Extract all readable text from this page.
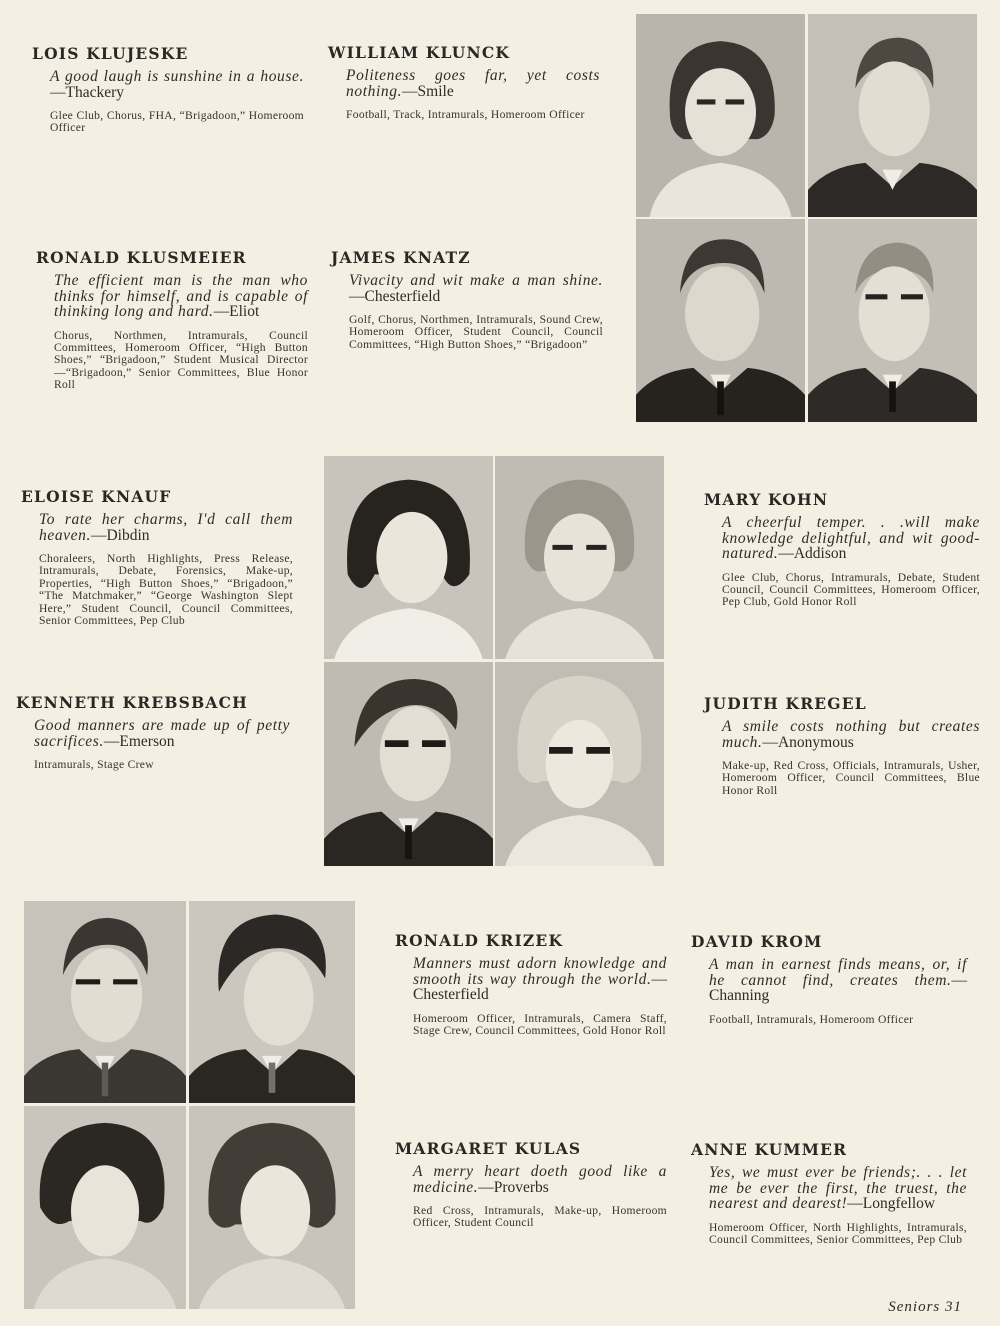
LOIS KLUJESKE
A good laugh is sunshine in a house.—Thackery
Glee Club, Chorus, FHA, “Brigadoon,” Homeroom Officer
WILLIAM KLUNCK
Politeness goes far, yet costs nothing.—Smile
Football, Track, Intramurals, Homeroom Officer
RONALD KLUSMEIER
The efficient man is the man who thinks for himself, and is capable of thinking long and hard.—Eliot
Chorus, Northmen, Intramurals, Council Committees, Homeroom Officer, “High Button Shoes,” “Brigadoon,” Student Musical Director—“Brigadoon,” Senior Committees, Blue Honor Roll
JAMES KNATZ
Vivacity and wit make a man shine.—Chesterfield
Golf, Chorus, Northmen, Intramurals, Sound Crew, Homeroom Officer, Student Council, Council Committees, “High Button Shoes,” “Brigadoon”
ELOISE KNAUF
To rate her charms, I'd call them heaven.—Dibdin
Choraleers, North Highlights, Press Release, Intramurals, Debate, Forensics, Make-up, Properties, “High Button Shoes,” “Brigadoon,” “The Matchmaker,” “George Washington Slept Here,” Student Council, Council Committees, Senior Committees, Pep Club
MARY KOHN
A cheerful temper. . .will make knowledge delightful, and wit good-natured.—Addison
Glee Club, Chorus, Intramurals, Debate, Student Council, Council Committees, Homeroom Officer, Pep Club, Gold Honor Roll
KENNETH KREBSBACH
Good manners are made up of petty sacrifices.—Emerson
Intramurals, Stage Crew
JUDITH KREGEL
A smile costs nothing but creates much.—Anonymous
Make-up, Red Cross, Officials, Intramurals, Usher, Homeroom Officer, Council Committees, Blue Honor Roll
RONALD KRIZEK
Manners must adorn knowledge and smooth its way through the world.—Chesterfield
Homeroom Officer, Intramurals, Camera Staff, Stage Crew, Council Committees, Gold Honor Roll
DAVID KROM
A man in earnest finds means, or, if he cannot find, creates them.—Channing
Football, Intramurals, Homeroom Officer
MARGARET KULAS
A merry heart doeth good like a medicine.—Proverbs
Red Cross, Intramurals, Make-up, Homeroom Officer, Student Council
ANNE KUMMER
Yes, we must ever be friends;. . . let me be ever the first, the truest, the nearest and dearest!—Longfellow
Homeroom Officer, North Highlights, Intramurals, Council Committees, Senior Committees, Pep Club
Seniors 31
